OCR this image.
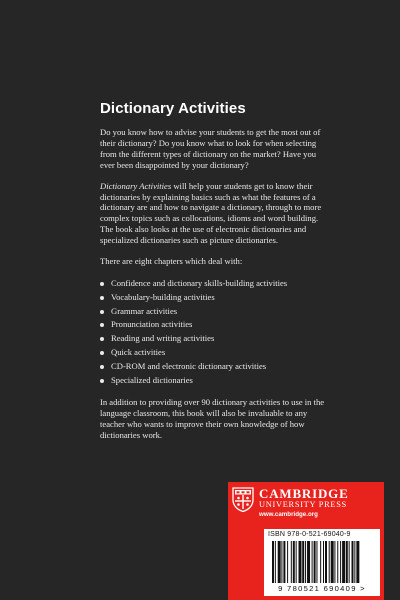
Dictionary Activities

Do you know how to advise your students to get the most out of their dictionary? Do you know what to look for when selecting from the different types of dictionary on the market? Have you ever been disappointed by your dictionary?

Dictionary Activities will help your students get to know their dictionaries by explaining basics such as what the features of a dictionary are and how to navigate a dictionary, through to more complex topics such as collocations, idioms and word building. The book also looks at the use of electronic dictionaries and specialized dictionaries such as picture dictionaries.

There are eight chapters which deal with:

Confidence and dictionary skills-building activities
Vocabulary-building activities
Grammar activities
Pronunciation activities
Reading and writing activities
Quick activities
CD-ROM and electronic dictionary activities
Specialized dictionaries

In addition to providing over 90 dictionary activities to use in the language classroom, this book will also be invaluable to any teacher who wants to improve their own knowledge of how dictionaries work.

CAMBRIDGE
UNIVERSITY PRESS
www.cambridge.org
ISBN 978-0-521-69040-9
9 780521 690409 >
